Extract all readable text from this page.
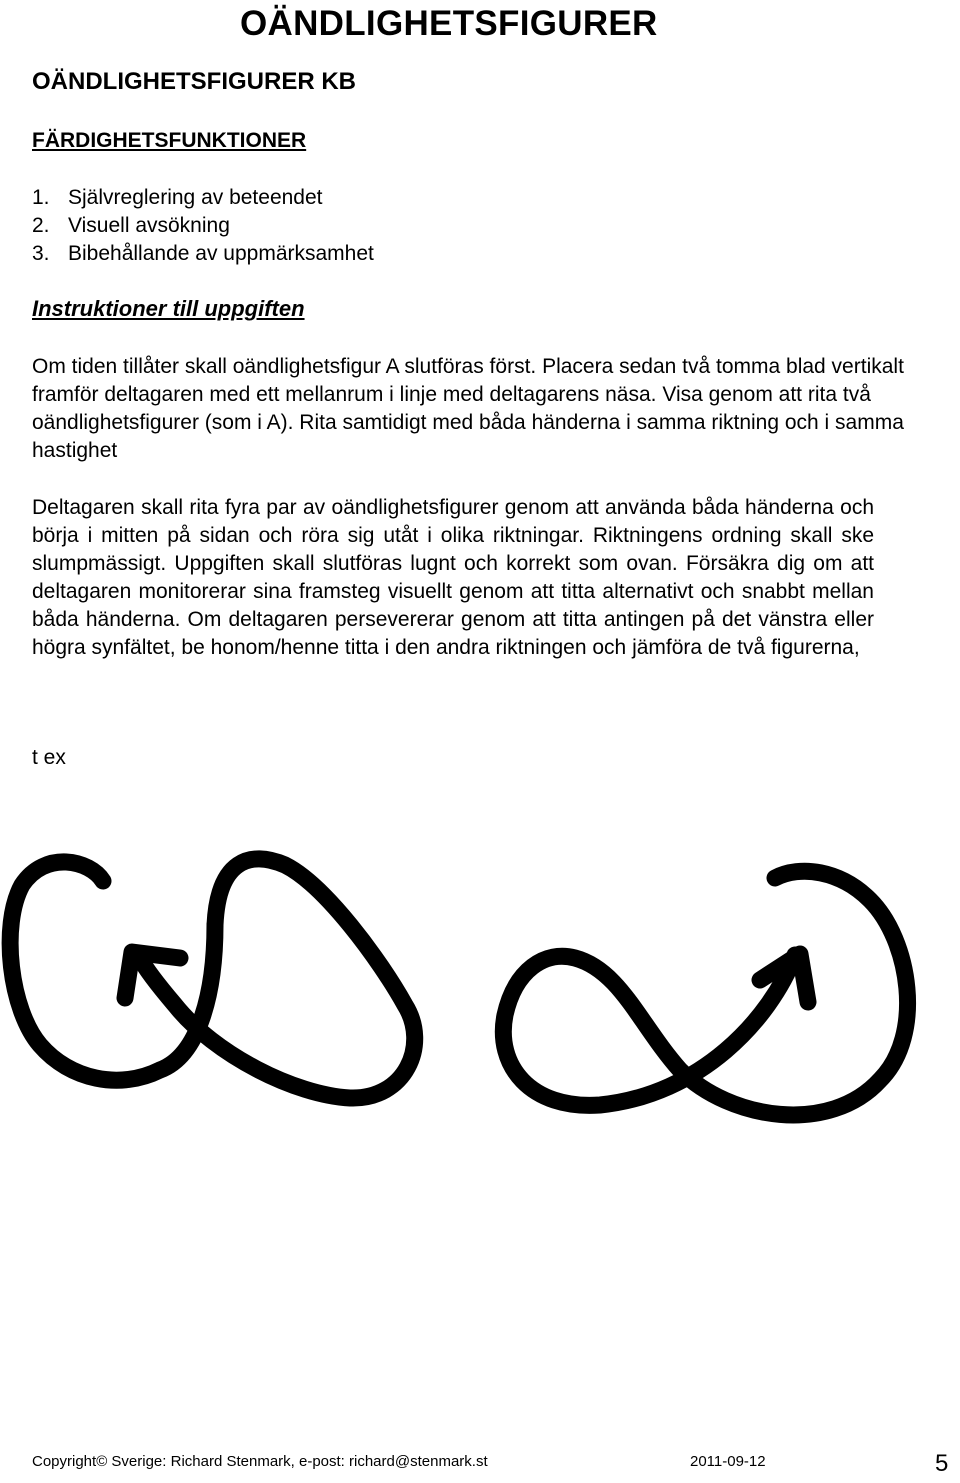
OÄNDLIGHETSFIGURER
OÄNDLIGHETSFIGURER KB
FÄRDIGHETSFUNKTIONER
1. Självreglering av beteendet
2. Visuell avsökning
3. Bibehållande av uppmärksamhet
Instruktioner till uppgiften

Om tiden tillåter skall oändlighetsfigur A slutföras först. Placera sedan två tomma blad vertikalt framför deltagaren med ett mellanrum i linje med deltagarens näsa. Visa genom att rita två oändlighetsfigurer (som i A). Rita samtidigt med båda händerna i samma riktning och i samma hastighet

Deltagaren skall rita fyra par av oändlighetsfigurer genom att använda båda händerna och börja i mitten på sidan och röra sig utåt i olika riktningar. Riktningens ordning skall ske slumpmässigt. Uppgiften skall slutföras lugnt och korrekt som ovan. Försäkra dig om att deltagaren monitorerar sina framsteg visuellt genom att titta alternativt och snabbt mellan båda händerna. Om deltagaren persevererar genom att titta antingen på det vänstra eller högra synfältet, be honom/henne titta i den andra riktningen och jämföra de två figurerna,

t ex

Copyright© Sverige: Richard Stenmark, e-post: richard@stenmark.st	2011-09-12	5
